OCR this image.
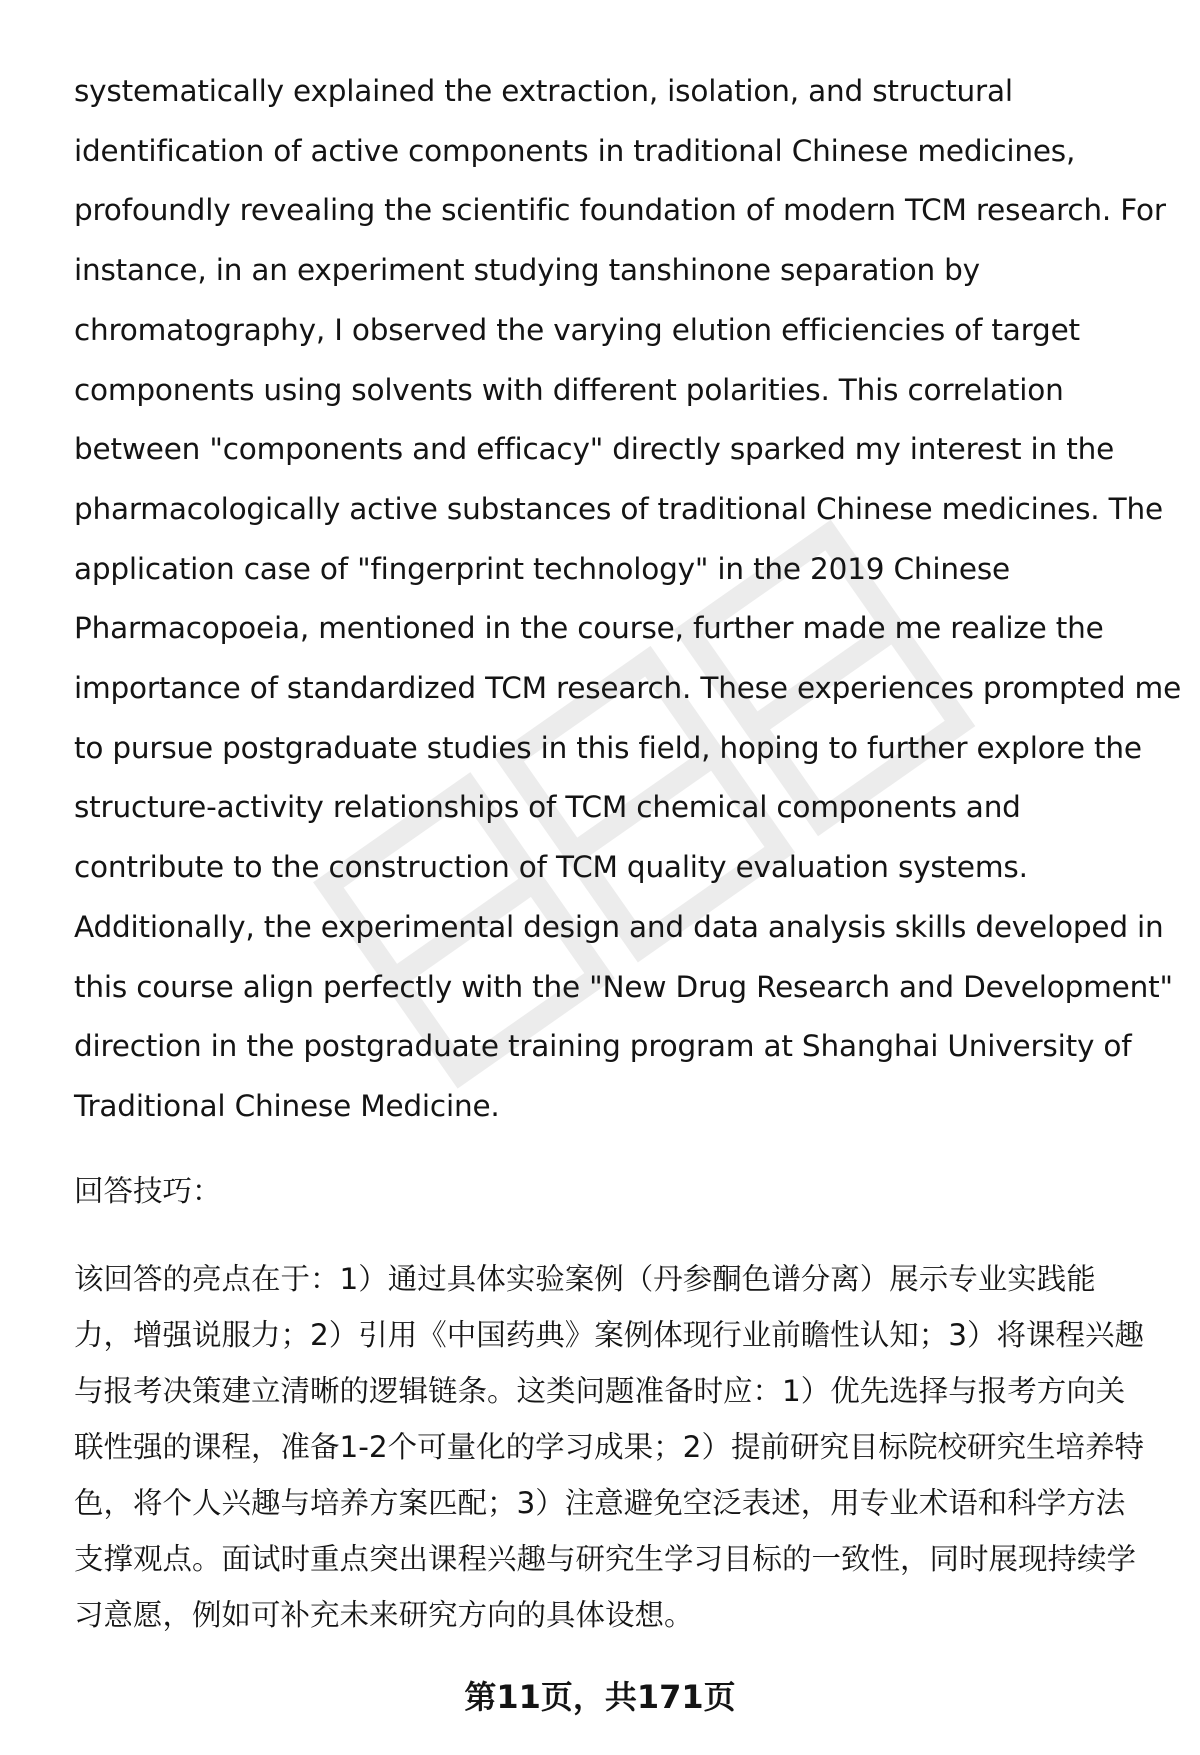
systematically explained the extraction, isolation, and structural
identification of active components in traditional Chinese medicines,
profoundly revealing the scientific foundation of modern TCM research. For
instance, in an experiment studying tanshinone separation by
chromatography, I observed the varying elution efficiencies of target
components using solvents with different polarities. This correlation
between "components and efficacy" directly sparked my interest in the
pharmacologically active substances of traditional Chinese medicines. The
application case of "fingerprint technology" in the 2019 Chinese
Pharmacopoeia, mentioned in the course, further made me realize the
importance of standardized TCM research. These experiences prompted me
to pursue postgraduate studies in this field, hoping to further explore the
structure-activity relationships of TCM chemical components and
contribute to the construction of TCM quality evaluation systems.
Additionally, the experimental design and data analysis skills developed in
this course align perfectly with the "New Drug Research and Development"
direction in the postgraduate training program at Shanghai University of
Traditional Chinese Medicine.

回答技巧：

该回答的亮点在于：1）通过具体实验案例（丹参酮色谱分离）展示专业实践能
力，增强说服力；2）引用《中国药典》案例体现行业前瞻性认知；3）将课程兴趣
与报考决策建立清晰的逻辑链条。这类问题准备时应：1）优先选择与报考方向关
联性强的课程，准备1-2个可量化的学习成果；2）提前研究目标院校研究生培养特
色，将个人兴趣与培养方案匹配；3）注意避免空泛表述，用专业术语和科学方法
支撑观点。面试时重点突出课程兴趣与研究生学习目标的一致性，同时展现持续学
习意愿，例如可补充未来研究方向的具体设想。

第11页，共171页
